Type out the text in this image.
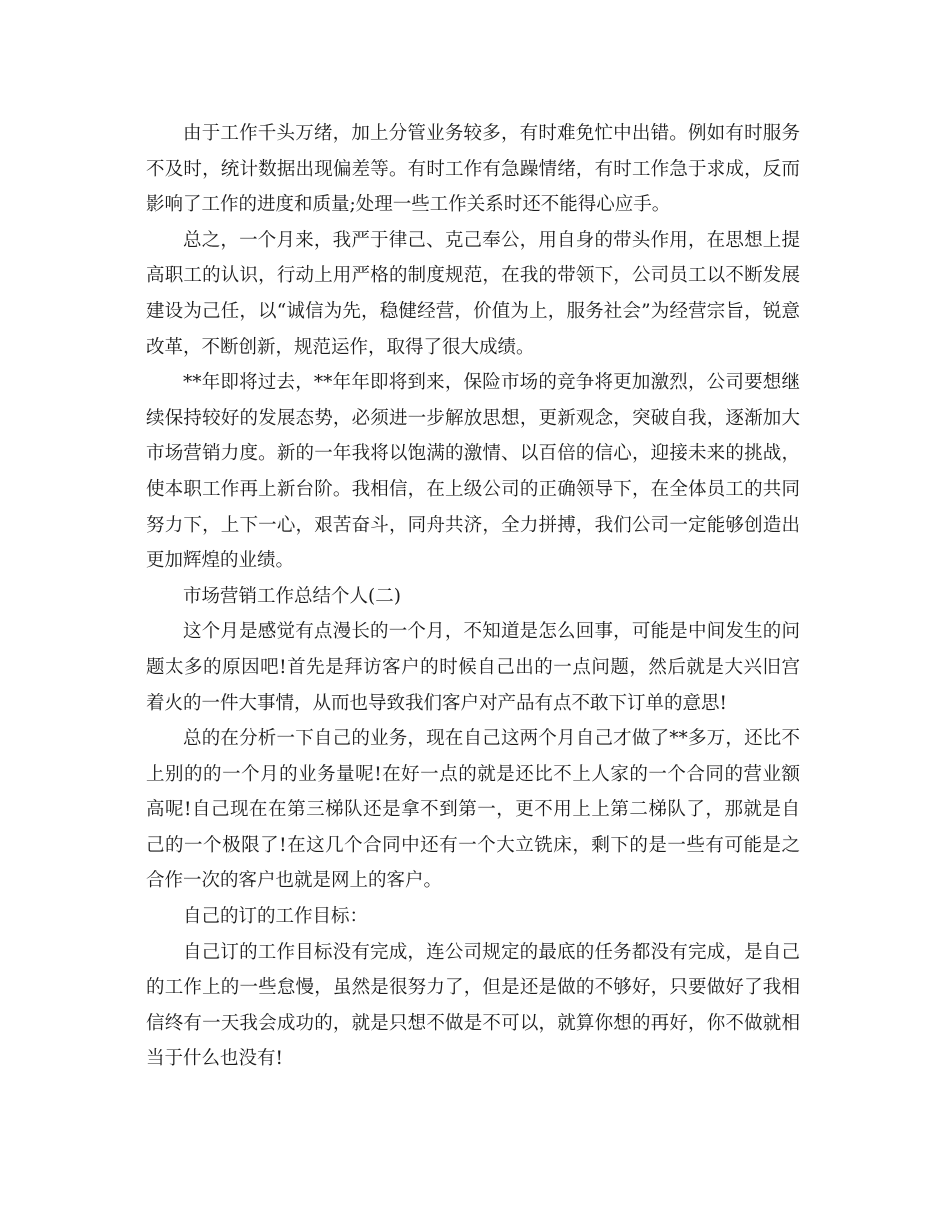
由于工作千头万绪，加上分管业务较多，有时难免忙中出错。例如有时服务不及时，统计数据出现偏差等。有时工作有急躁情绪，有时工作急于求成，反而影响了工作的进度和质量;处理一些工作关系时还不能得心应手。

总之，一个月来，我严于律己、克己奉公，用自身的带头作用，在思想上提高职工的认识，行动上用严格的制度规范，在我的带领下，公司员工以不断发展建设为己任，以“诚信为先，稳健经营，价值为上，服务社会”为经营宗旨，锐意改革，不断创新，规范运作，取得了很大成绩。

**年即将过去，**年年即将到来，保险市场的竞争将更加激烈，公司要想继续保持较好的发展态势，必须进一步解放思想，更新观念，突破自我，逐渐加大市场营销力度。新的一年我将以饱满的激情、以百倍的信心，迎接未来的挑战，使本职工作再上新台阶。我相信，在上级公司的正确领导下，在全体员工的共同努力下，上下一心，艰苦奋斗，同舟共济，全力拼搏，我们公司一定能够创造出更加辉煌的业绩。

市场营销工作总结个人(二)

这个月是感觉有点漫长的一个月，不知道是怎么回事，可能是中间发生的问题太多的原因吧!首先是拜访客户的时候自己出的一点问题，然后就是大兴旧宫着火的一件大事情，从而也导致我们客户对产品有点不敢下订单的意思!

总的在分析一下自己的业务，现在自己这两个月自己才做了**多万，还比不上别的的一个月的业务量呢!在好一点的就是还比不上人家的一个合同的营业额高呢!自己现在在第三梯队还是拿不到第一，更不用上上第二梯队了，那就是自己的一个极限了!在这几个合同中还有一个大立铣床，剩下的是一些有可能是之合作一次的客户也就是网上的客户。

自己的订的工作目标：

自己订的工作目标没有完成，连公司规定的最底的任务都没有完成，是自己的工作上的一些怠慢，虽然是很努力了，但是还是做的不够好，只要做好了我相信终有一天我会成功的，就是只想不做是不可以，就算你想的再好，你不做就相当于什么也没有!
